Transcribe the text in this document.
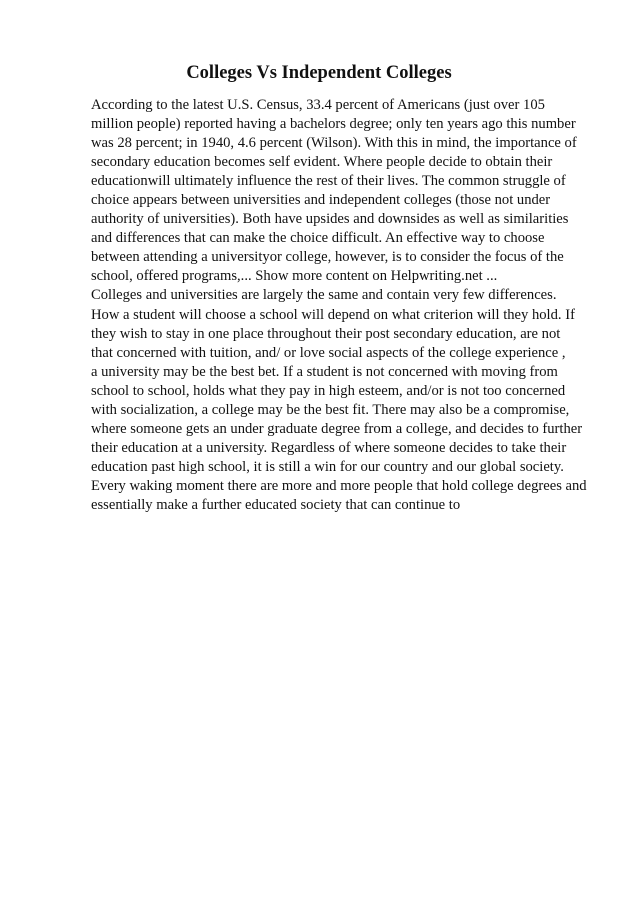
Colleges Vs Independent Colleges
According to the latest U.S. Census, 33.4 percent of Americans (just over 105
million people) reported having a bachelors degree; only ten years ago this number
was 28 percent; in 1940, 4.6 percent (Wilson). With this in mind, the importance of
secondary education becomes self evident. Where people decide to obtain their
educationwill ultimately influence the rest of their lives. The common struggle of
choice appears between universities and independent colleges (those not under
authority of universities). Both have upsides and downsides as well as similarities
and differences that can make the choice difficult. An effective way to choose
between attending a universityor college, however, is to consider the focus of the
school, offered programs,... Show more content on Helpwriting.net ...
Colleges and universities are largely the same and contain very few differences.
How a student will choose a school will depend on what criterion will they hold. If
they wish to stay in one place throughout their post secondary education, are not
that concerned with tuition, and/ or love social aspects of the college experience ,
a university may be the best bet. If a student is not concerned with moving from
school to school, holds what they pay in high esteem, and/or is not too concerned
with socialization, a college may be the best fit. There may also be a compromise,
where someone gets an under graduate degree from a college, and decides to further
their education at a university. Regardless of where someone decides to take their
education past high school, it is still a win for our country and our global society.
Every waking moment there are more and more people that hold college degrees and
essentially make a further educated society that can continue to
